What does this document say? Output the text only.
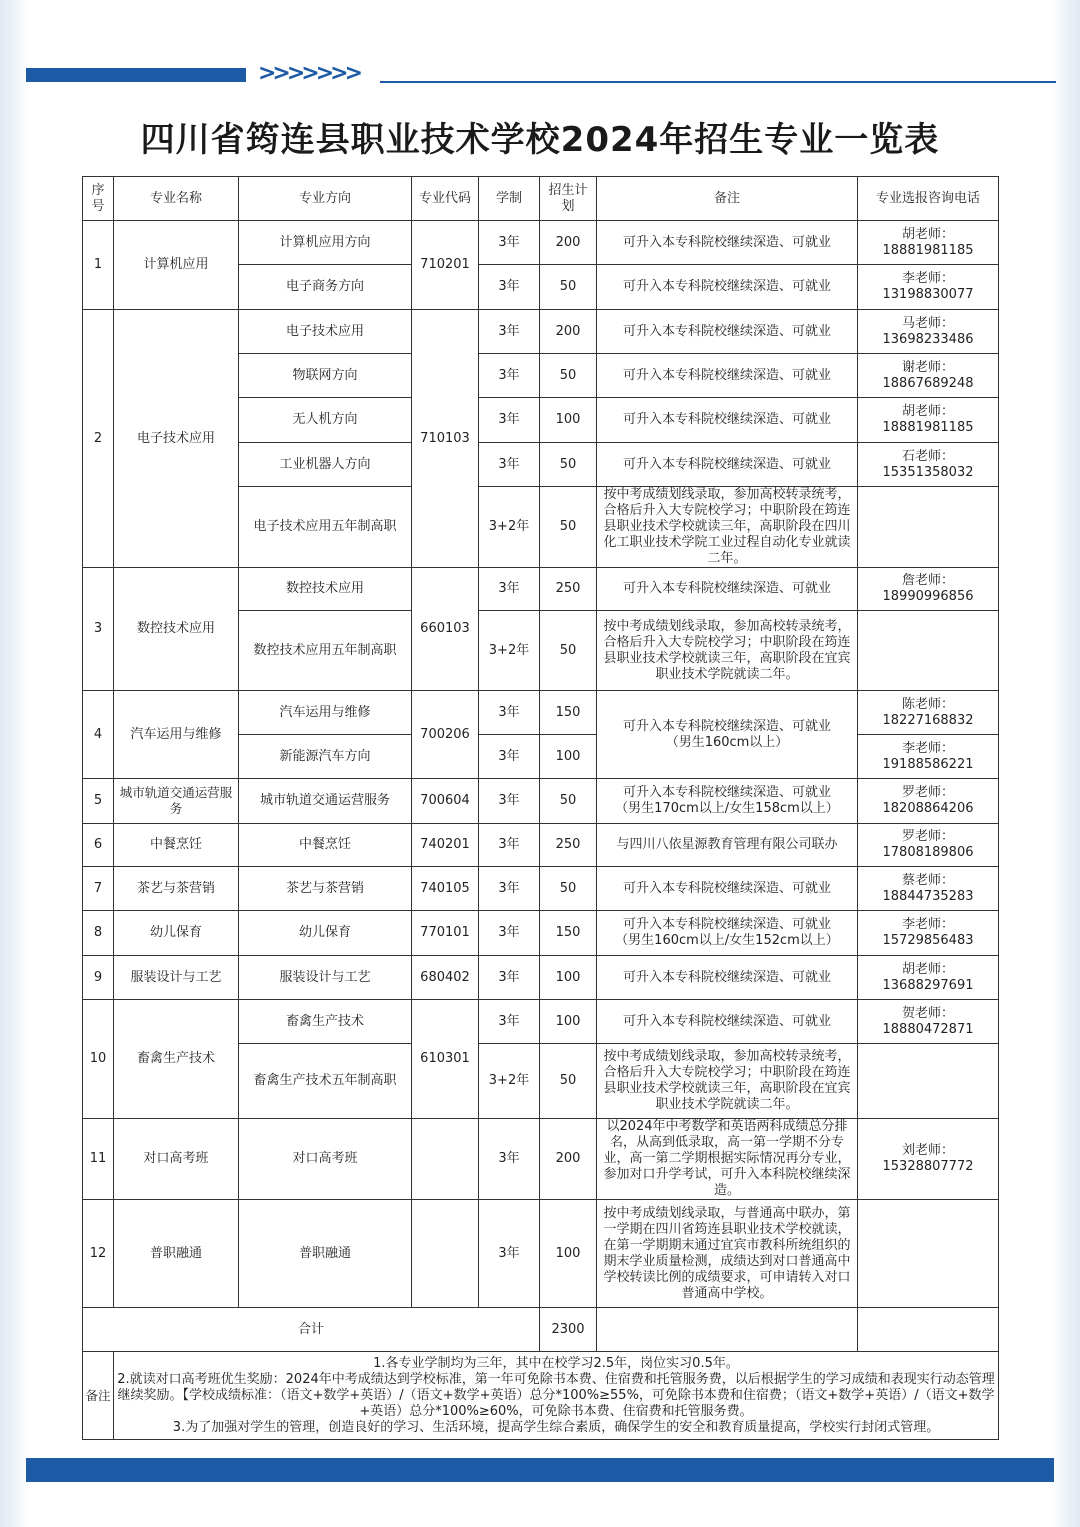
>>>>>>>
四川省筠连县职业技术学校2024年招生专业一览表
序号	专业名称	专业方向	专业代码	学制	招生计划	备注	专业选报咨询电话
1	计算机应用	计算机应用方向	710201	3年	200	可升入本专科院校继续深造、可就业	胡老师：18881981185
		电子商务方向		3年	50	可升入本专科院校继续深造、可就业	李老师：13198830077
2	电子技术应用	电子技术应用	710103	3年	200	可升入本专科院校继续深造、可就业	马老师：13698233486
		物联网方向		3年	50	可升入本专科院校继续深造、可就业	谢老师：18867689248
		无人机方向		3年	100	可升入本专科院校继续深造、可就业	胡老师：18881981185
		工业机器人方向		3年	50	可升入本专科院校继续深造、可就业	石老师：15351358032
		电子技术应用五年制高职		3+2年	50	按中考成绩划线录取，参加高校转录统考，合格后升入大专院校学习；中职阶段在筠连县职业技术学校就读三年，高职阶段在四川化工职业技术学院工业过程自动化专业就读二年。	
3	数控技术应用	数控技术应用	660103	3年	250	可升入本专科院校继续深造、可就业	詹老师：18990996856
		数控技术应用五年制高职		3+2年	50	按中考成绩划线录取，参加高校转录统考，合格后升入大专院校学习；中职阶段在筠连县职业技术学校就读三年，高职阶段在宜宾职业技术学院就读二年。	
4	汽车运用与维修	汽车运用与维修	700206	3年	150	可升入本专科院校继续深造、可就业
（男生160cm以上）	陈老师：18227168832
		新能源汽车方向		3年	100		李老师：19188586221
5	城市轨道交通运营服务	城市轨道交通运营服务	700604	3年	50	可升入本专科院校继续深造、可就业
（男生170cm以上/女生158cm以上）	罗老师：18208864206
6	中餐烹饪	中餐烹饪	740201	3年	250	与四川八依星源教育管理有限公司联办	罗老师：17808189806
7	茶艺与茶营销	茶艺与茶营销	740105	3年	50	可升入本专科院校继续深造、可就业	蔡老师：18844735283
8	幼儿保育	幼儿保育	770101	3年	150	可升入本专科院校继续深造、可就业
（男生160cm以上/女生152cm以上）	李老师：15729856483
9	服装设计与工艺	服装设计与工艺	680402	3年	100	可升入本专科院校继续深造、可就业	胡老师：13688297691
10	畜禽生产技术	畜禽生产技术	610301	3年	100	可升入本专科院校继续深造、可就业	贺老师：18880472871
		畜禽生产技术五年制高职		3+2年	50	按中考成绩划线录取，参加高校转录统考，合格后升入大专院校学习；中职阶段在筠连县职业技术学校就读三年，高职阶段在宜宾职业技术学院就读二年。	
11	对口高考班	对口高考班		3年	200	以2024年中考数学和英语两科成绩总分排名，从高到低录取，高一第一学期不分专业，高一第二学期根据实际情况再分专业，参加对口升学考试，可升入本科院校继续深造。	刘老师：15328807772
12	普职融通	普职融通		3年	100	按中考成绩划线录取，与普通高中联办，第一学期在四川省筠连县职业技术学校就读，在第一学期期末通过宜宾市教科所统组织的期末学业质量检测，成绩达到对口普通高中学校转读比例的成绩要求，可申请转入对口普通高中学校。	
合计					2300		
备注	1.各专业学制均为三年，其中在校学习2.5年，岗位实习0.5年。
2.就读对口高考班优生奖励：2024年中考成绩达到学校标准，第一年可免除书本费、住宿费和托管服务费，以后根据学生的学习成绩和表现实行动态管理继续奖励。【学校成绩标准：（语文+数学+英语）/（语文+数学+英语）总分*100%≥55%，可免除书本费和住宿费；（语文+数学+英语）/（语文+数学+英语）总分*100%≥60%，可免除书本费、住宿费和托管服务费。
3.为了加强对学生的管理，创造良好的学习、生活环境，提高学生综合素质，确保学生的安全和教育质量提高，学校实行封闭式管理。						
